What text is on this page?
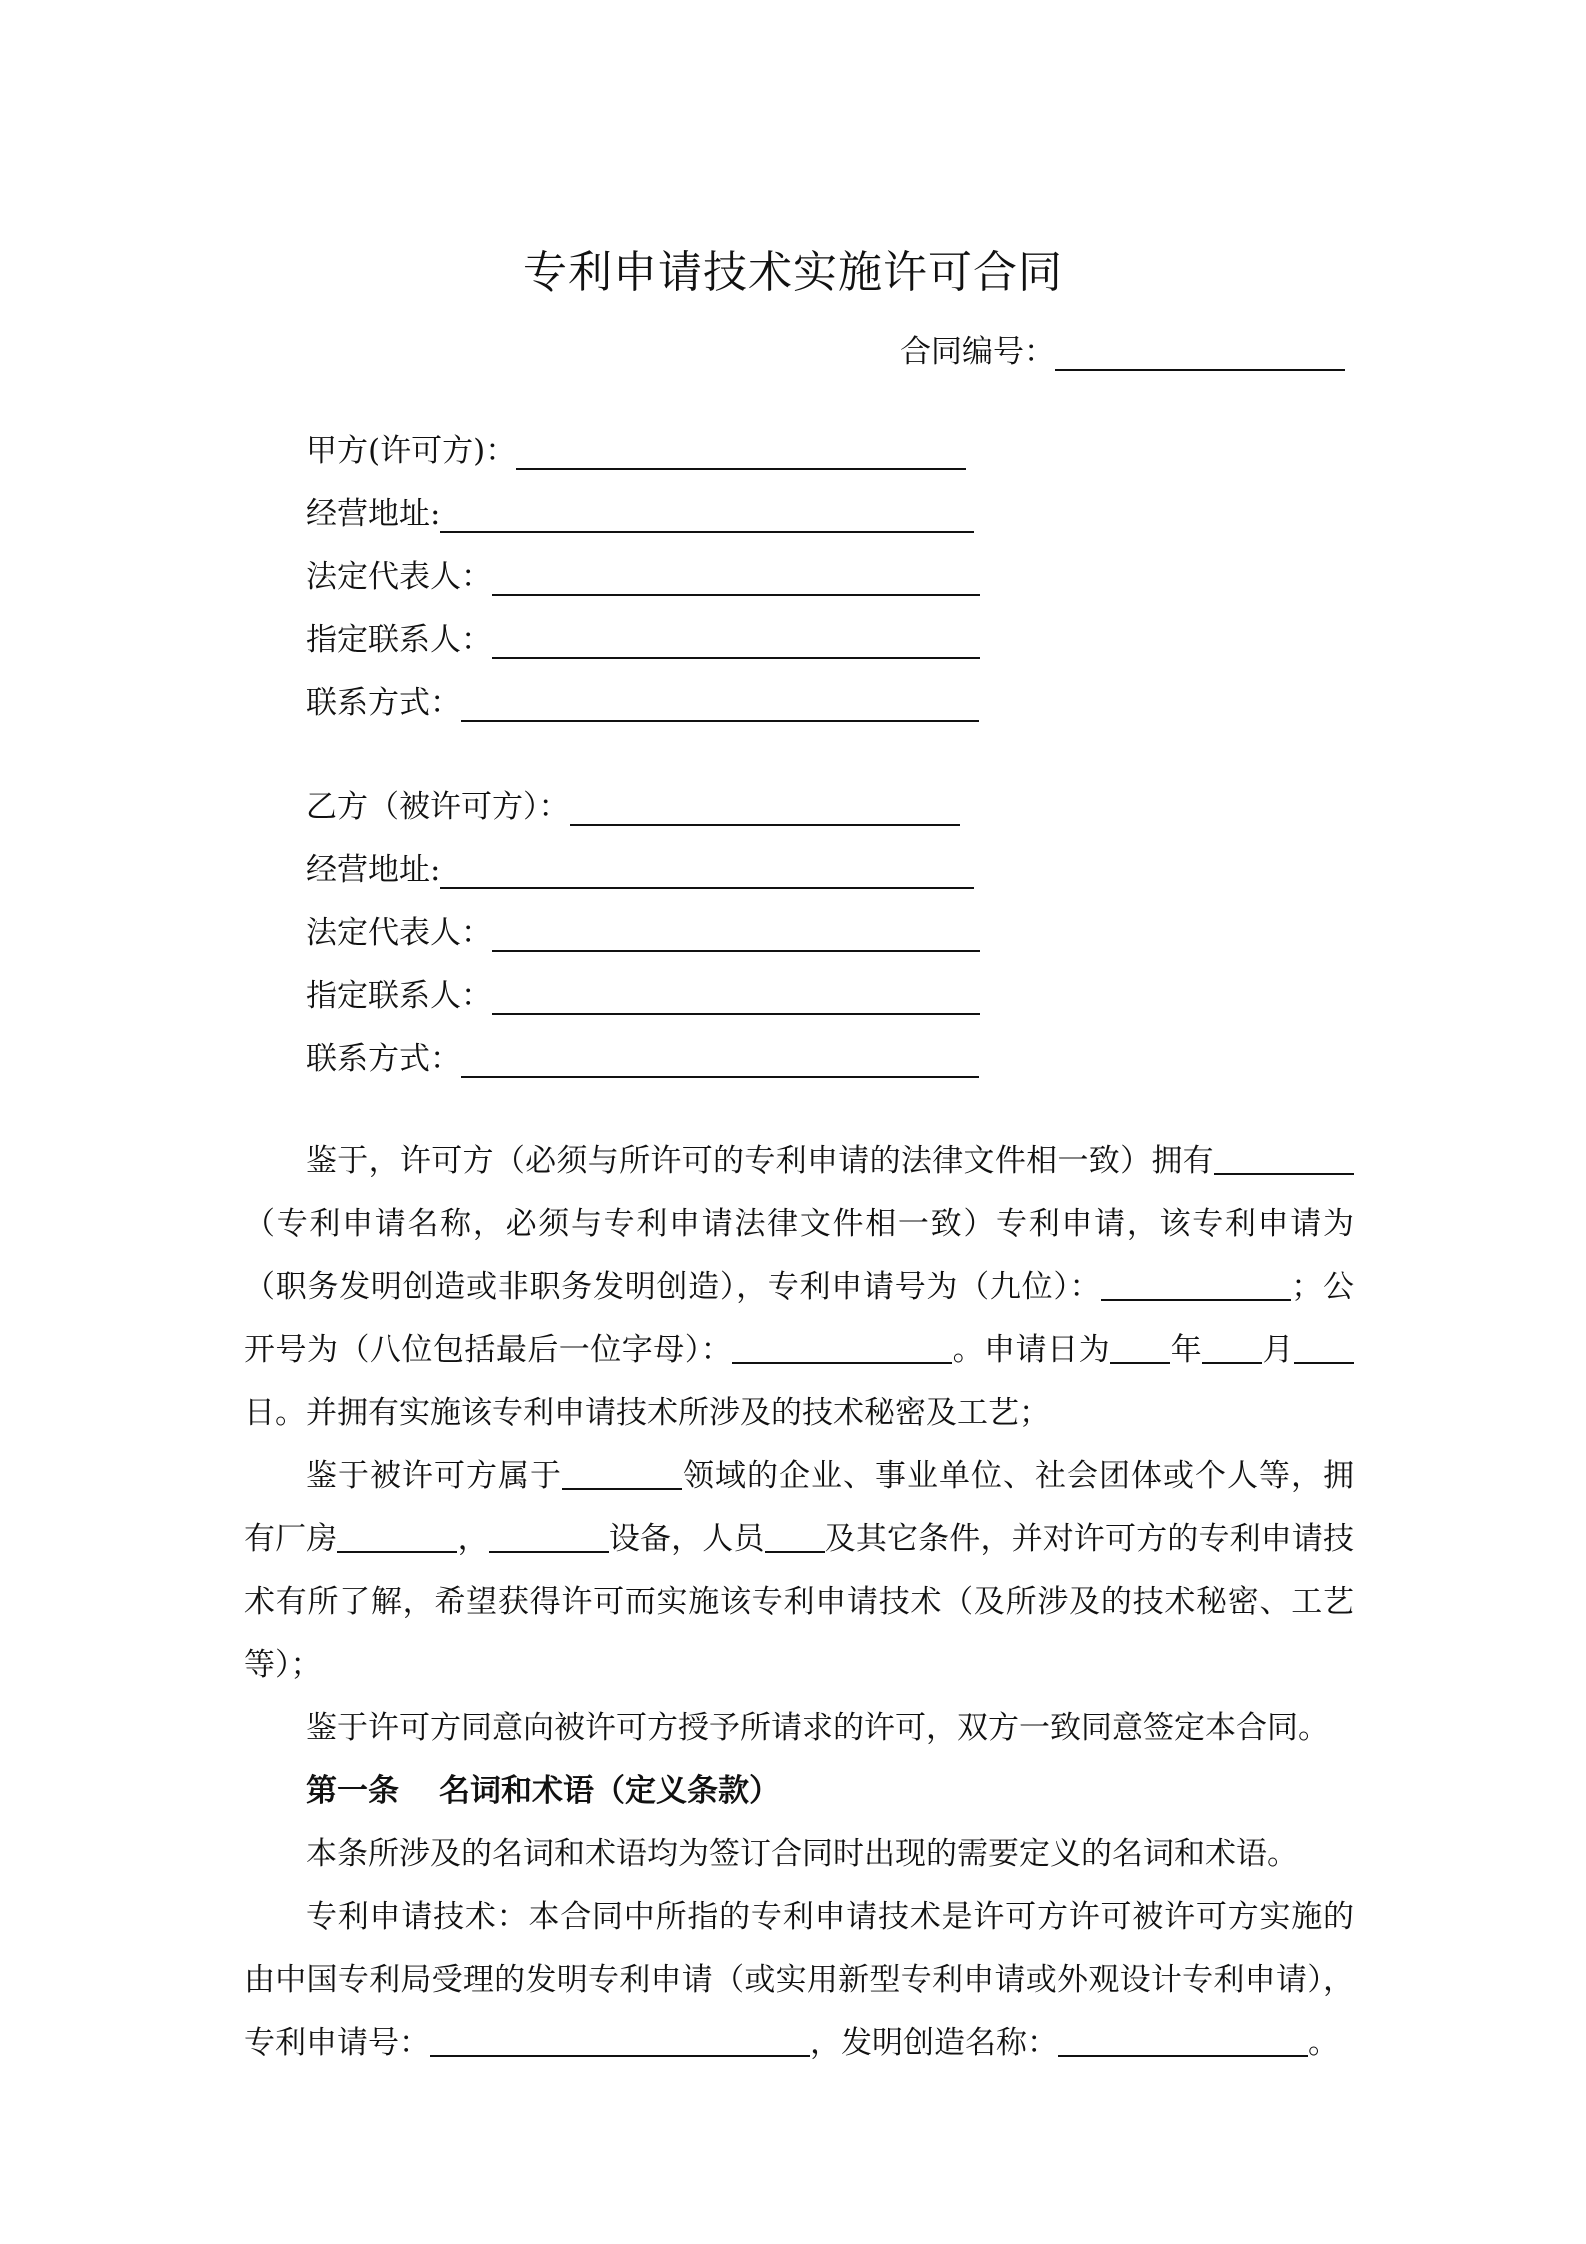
专利申请技术实施许可合同
合同编号：
甲方(许可方)：
经营地址:
法定代表人：
指定联系人：
联系方式：
乙方（被许可方）：
经营地址:
法定代表人：
指定联系人：
联系方式：

鉴于，许可方（必须与所许可的专利申请的法律文件相一致）拥有（专利申请名称，必须与专利申请法律文件相一致）专利申请，该专利申请为（职务发明创造或非职务发明创造），专利申请号为（九位）：	；公开号为（八位包括最后一位字母）：	。申请日为 年 月日。并拥有实施该专利申请技术所涉及的技术秘密及工艺；

鉴于被许可方属于	领域的企业、事业单位、社会团体或个人等，拥有厂房	，	设备，人员 及其它条件，并对许可方的专利申请技术有所了解，希望获得许可而实施该专利申请技术（及所涉及的技术秘密、工艺等）；

鉴于许可方同意向被许可方授予所请求的许可，双方一致同意签定本合同。

第一条 名词和术语（定义条款）

本条所涉及的名词和术语均为签订合同时出现的需要定义的名词和术语。

专利申请技术：本合同中所指的专利申请技术是许可方许可被许可方实施的由中国专利局受理的发明专利申请（或实用新型专利申请或外观设计专利申请），专利申请号：	，发明创造名称：	。
